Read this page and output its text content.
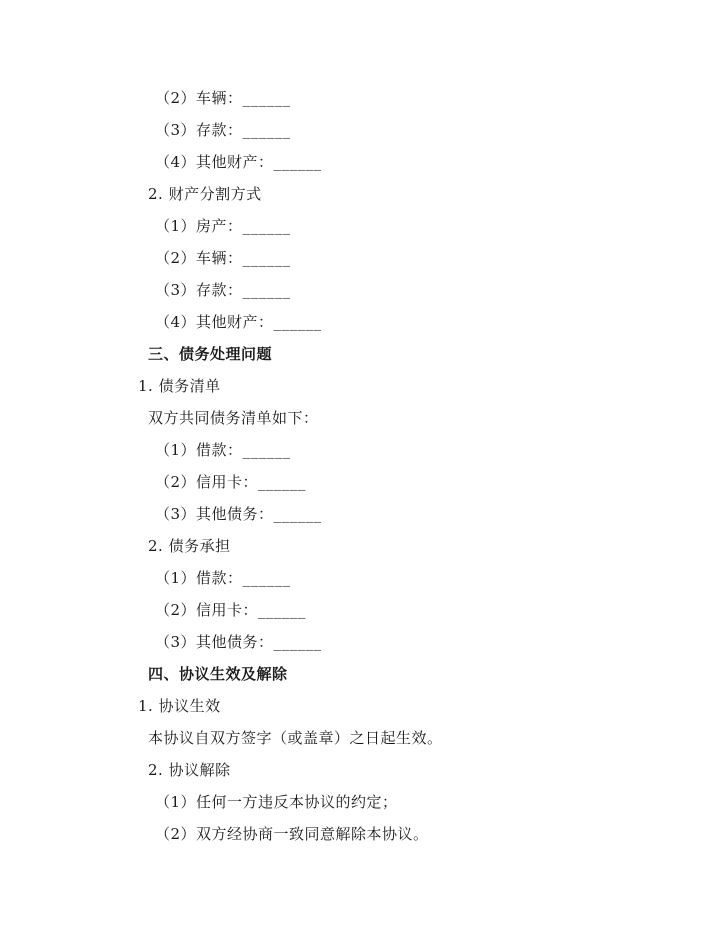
（2）车辆：______
（3）存款：______
（4）其他财产：______
2. 财产分割方式
（1）房产：______
（2）车辆：______
（3）存款：______
（4）其他财产：______
三、债务处理问题
1. 债务清单
双方共同债务清单如下：
（1）借款：______
（2）信用卡：______
（3）其他债务：______
2. 债务承担
（1）借款：______
（2）信用卡：______
（3）其他债务：______
四、协议生效及解除
1. 协议生效
本协议自双方签字（或盖章）之日起生效。
2. 协议解除
（1）任何一方违反本协议的约定；
（2）双方经协商一致同意解除本协议。
